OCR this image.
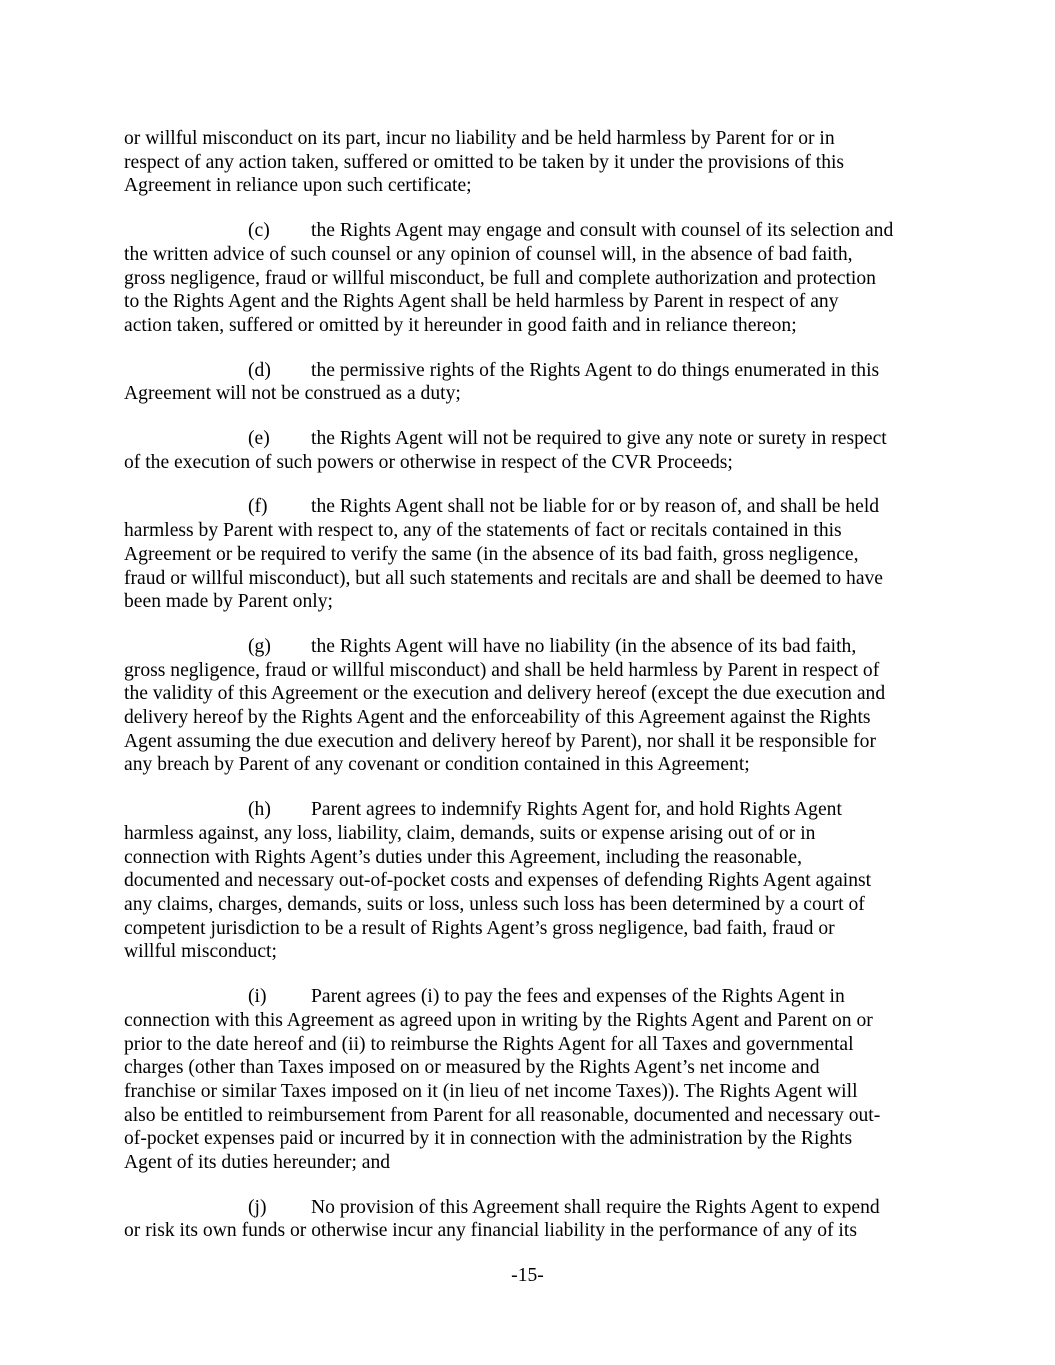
or willful misconduct on its part, incur no liability and be held harmless by Parent for or in
respect of any action taken, suffered or omitted to be taken by it under the provisions of this
Agreement in reliance upon such certificate;

(c) the Rights Agent may engage and consult with counsel of its selection and
the written advice of such counsel or any opinion of counsel will, in the absence of bad faith,
gross negligence, fraud or willful misconduct, be full and complete authorization and protection
to the Rights Agent and the Rights Agent shall be held harmless by Parent in respect of any
action taken, suffered or omitted by it hereunder in good faith and in reliance thereon;

(d) the permissive rights of the Rights Agent to do things enumerated in this
Agreement will not be construed as a duty;

(e) the Rights Agent will not be required to give any note or surety in respect
of the execution of such powers or otherwise in respect of the CVR Proceeds;

(f) the Rights Agent shall not be liable for or by reason of, and shall be held
harmless by Parent with respect to, any of the statements of fact or recitals contained in this
Agreement or be required to verify the same (in the absence of its bad faith, gross negligence,
fraud or willful misconduct), but all such statements and recitals are and shall be deemed to have
been made by Parent only;

(g) the Rights Agent will have no liability (in the absence of its bad faith,
gross negligence, fraud or willful misconduct) and shall be held harmless by Parent in respect of
the validity of this Agreement or the execution and delivery hereof (except the due execution and
delivery hereof by the Rights Agent and the enforceability of this Agreement against the Rights
Agent assuming the due execution and delivery hereof by Parent), nor shall it be responsible for
any breach by Parent of any covenant or condition contained in this Agreement;

(h) Parent agrees to indemnify Rights Agent for, and hold Rights Agent
harmless against, any loss, liability, claim, demands, suits or expense arising out of or in
connection with Rights Agent’s duties under this Agreement, including the reasonable,
documented and necessary out-of-pocket costs and expenses of defending Rights Agent against
any claims, charges, demands, suits or loss, unless such loss has been determined by a court of
competent jurisdiction to be a result of Rights Agent’s gross negligence, bad faith, fraud or
willful misconduct;

(i) Parent agrees (i) to pay the fees and expenses of the Rights Agent in
connection with this Agreement as agreed upon in writing by the Rights Agent and Parent on or
prior to the date hereof and (ii) to reimburse the Rights Agent for all Taxes and governmental
charges (other than Taxes imposed on or measured by the Rights Agent’s net income and
franchise or similar Taxes imposed on it (in lieu of net income Taxes)). The Rights Agent will
also be entitled to reimbursement from Parent for all reasonable, documented and necessary out-
of-pocket expenses paid or incurred by it in connection with the administration by the Rights
Agent of its duties hereunder; and

(j) No provision of this Agreement shall require the Rights Agent to expend
or risk its own funds or otherwise incur any financial liability in the performance of any of its

-15-
